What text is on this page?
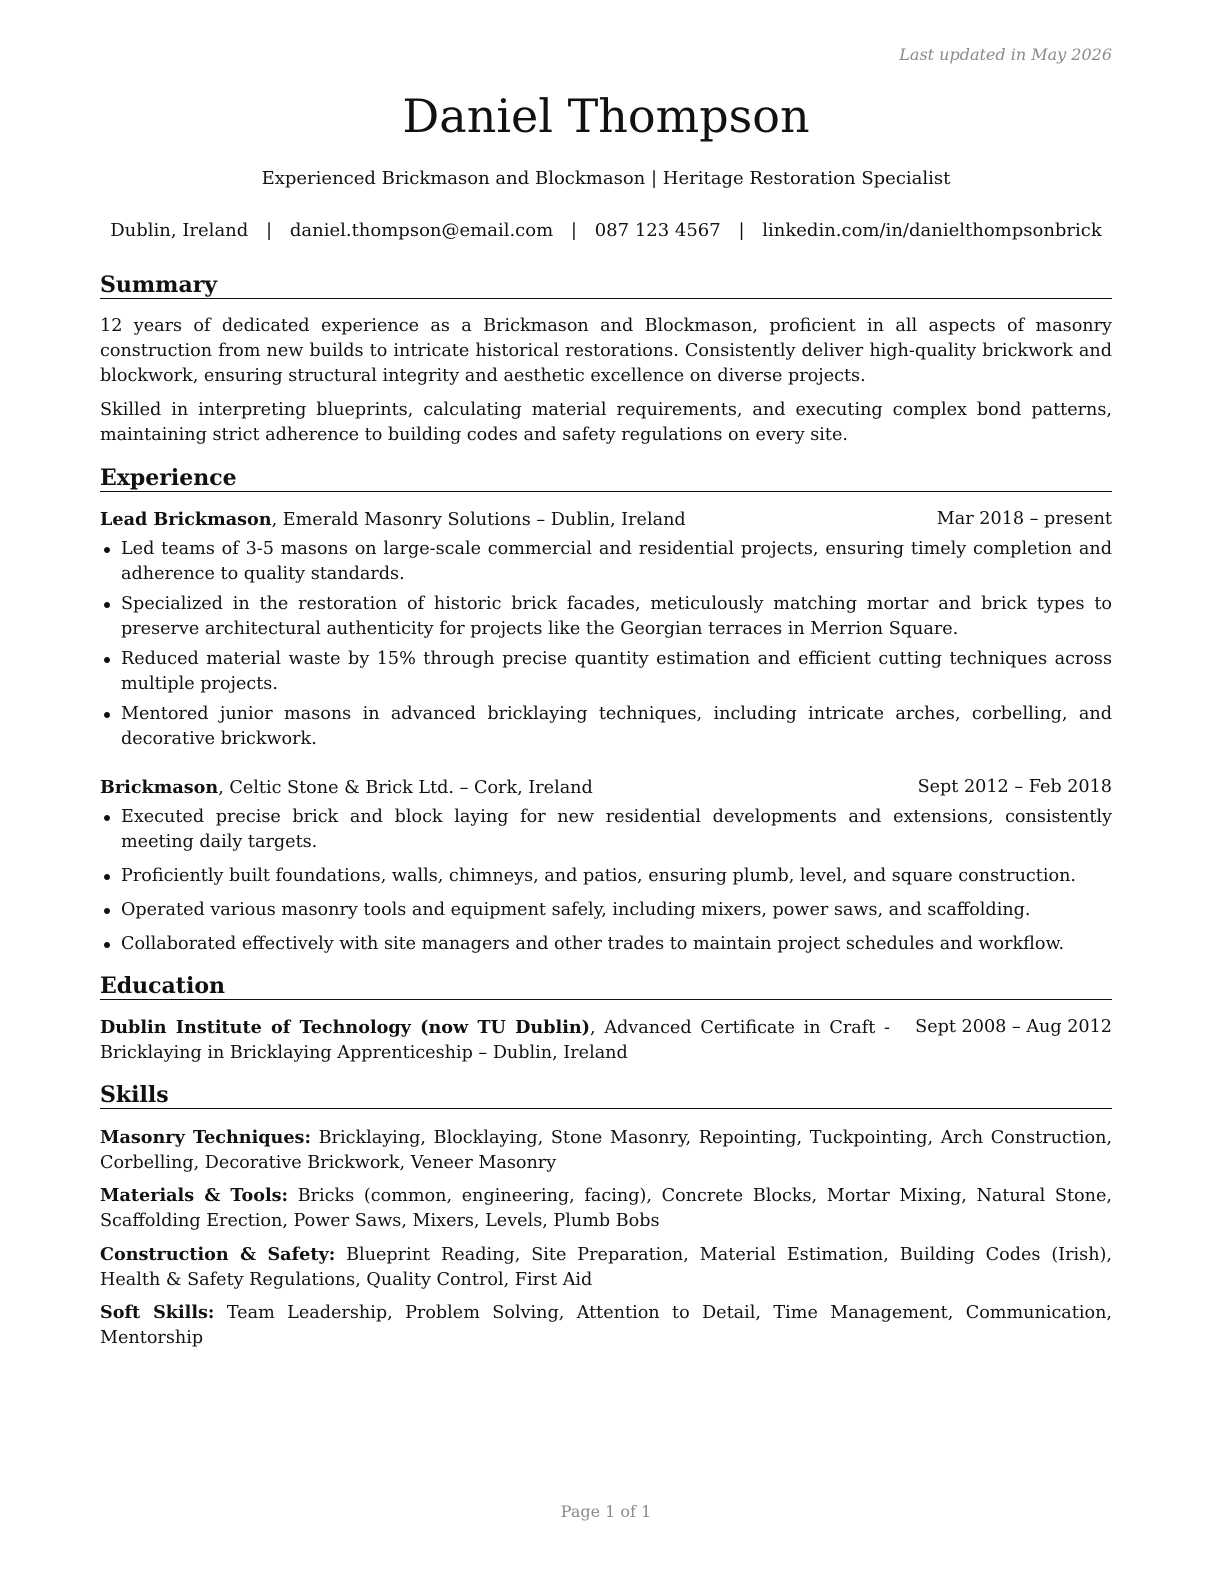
Last updated in May 2026
Daniel Thompson
Experienced Brickmason and Blockmason | Heritage Restoration Specialist
Dublin, Ireland | daniel.thompson@email.com | 087 123 4567 | linkedin.com/in/danielthompsonbrick
Summary

12 years of dedicated experience as a Brickmason and Blockmason, proficient in all aspects of masonry construction from new builds to intricate historical restorations. Consistently deliver high-quality brickwork and blockwork, ensuring structural integrity and aesthetic excellence on diverse projects.

Skilled in interpreting blueprints, calculating material requirements, and executing complex bond patterns, maintaining strict adherence to building codes and safety regulations on every site.

Experience
Lead Brickmason, Emerald Masonry Solutions – Dublin, Ireland	Mar 2018 – present
Led teams of 3-5 masons on large-scale commercial and residential projects, ensuring timely completion and adherence to quality standards.
Specialized in the restoration of historic brick facades, meticulously matching mortar and brick types to preserve architectural authenticity for projects like the Georgian terraces in Merrion Square.
Reduced material waste by 15% through precise quantity estimation and efficient cutting techniques across multiple projects.
Mentored junior masons in advanced bricklaying techniques, including intricate arches, corbelling, and decorative brickwork.
Brickmason, Celtic Stone & Brick Ltd. – Cork, Ireland	Sept 2012 – Feb 2018
Executed precise brick and block laying for new residential developments and extensions, consistently meeting daily targets.
Proficiently built foundations, walls, chimneys, and patios, ensuring plumb, level, and square construction.
Operated various masonry tools and equipment safely, including mixers, power saws, and scaffolding.
Collaborated effectively with site managers and other trades to maintain project schedules and workflow.
Education
Dublin Institute of Technology (now TU Dublin), Advanced Certificate in Craft - Bricklaying in Bricklaying Apprenticeship – Dublin, Ireland
Sept 2008 – Aug 2012
Skills
Masonry Techniques: Bricklaying, Blocklaying, Stone Masonry, Repointing, Tuckpointing, Arch Construction, Corbelling, Decorative Brickwork, Veneer Masonry
Materials & Tools: Bricks (common, engineering, facing), Concrete Blocks, Mortar Mixing, Natural Stone, Scaffolding Erection, Power Saws, Mixers, Levels, Plumb Bobs
Construction & Safety: Blueprint Reading, Site Preparation, Material Estimation, Building Codes (Irish), Health & Safety Regulations, Quality Control, First Aid
Soft Skills: Team Leadership, Problem Solving, Attention to Detail, Time Management, Communication, Mentorship
Page 1 of 1
